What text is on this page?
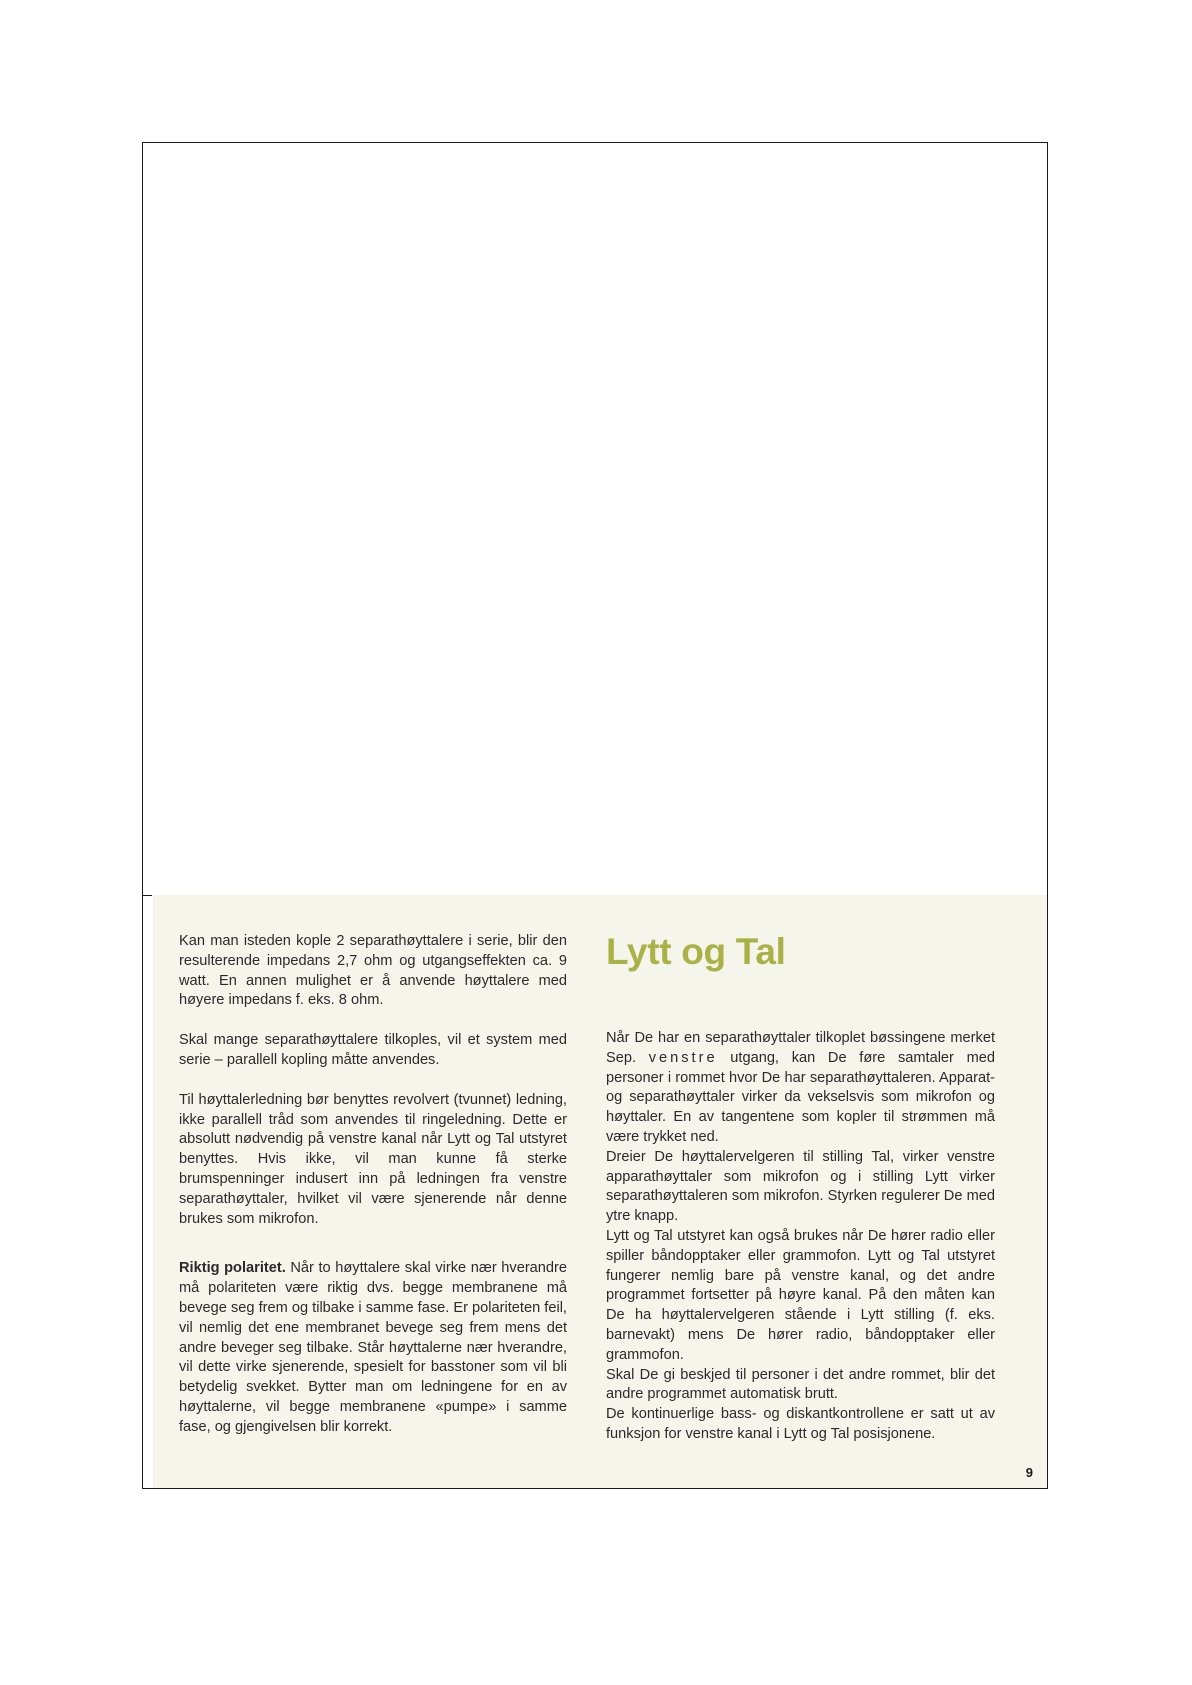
Kan man isteden kople 2 separathøyttalere i serie, blir den resulterende impedans 2,7 ohm og utgangseffekten ca. 9 watt. En annen mulighet er å anvende høyttalere med høyere impedans f. eks. 8 ohm.

Skal mange separathøyttalere tilkoples, vil et system med serie – parallell kopling måtte anvendes.

Til høyttalerledning bør benyttes revolvert (tvunnet) ledning, ikke parallell tråd som anvendes til ringeledning. Dette er absolutt nødvendig på venstre kanal når Lytt og Tal utstyret benyttes. Hvis ikke, vil man kunne få sterke brumspenninger indusert inn på ledningen fra venstre separathøyttaler, hvilket vil være sjenerende når denne brukes som mikrofon.

Riktig polaritet. Når to høyttalere skal virke nær hverandre må polariteten være riktig dvs. begge membranene må bevege seg frem og tilbake i samme fase. Er polariteten feil, vil nemlig det ene membranet bevege seg frem mens det andre beveger seg tilbake. Står høyttalerne nær hverandre, vil dette virke sjenerende, spesielt for basstoner som vil bli betydelig svekket. Bytter man om ledningene for en av høyttalerne, vil begge membranene «pumpe» i samme fase, og gjengivelsen blir korrekt.

Lytt og Tal

Når De har en separathøyttaler tilkoplet bøssingene merket Sep. venstre utgang, kan De føre samtaler med personer i rommet hvor De har separathøyttaleren. Apparat- og separathøyttaler virker da vekselsvis som mikrofon og høyttaler. En av tangentene som kopler til strømmen må være trykket ned.

Dreier De høyttalervelgeren til stilling Tal, virker venstre apparathøyttaler som mikrofon og i stilling Lytt virker separathøyttaleren som mikrofon. Styrken regulerer De med ytre knapp.

Lytt og Tal utstyret kan også brukes når De hører radio eller spiller båndopptaker eller grammofon. Lytt og Tal utstyret fungerer nemlig bare på venstre kanal, og det andre programmet fortsetter på høyre kanal. På den måten kan De ha høyttalervelgeren stående i Lytt stilling (f. eks. barnevakt) mens De hører radio, båndopptaker eller grammofon.

Skal De gi beskjed til personer i det andre rommet, blir det andre programmet automatisk brutt.

De kontinuerlige bass- og diskantkontrollene er satt ut av funksjon for venstre kanal i Lytt og Tal posisjonene.

9
